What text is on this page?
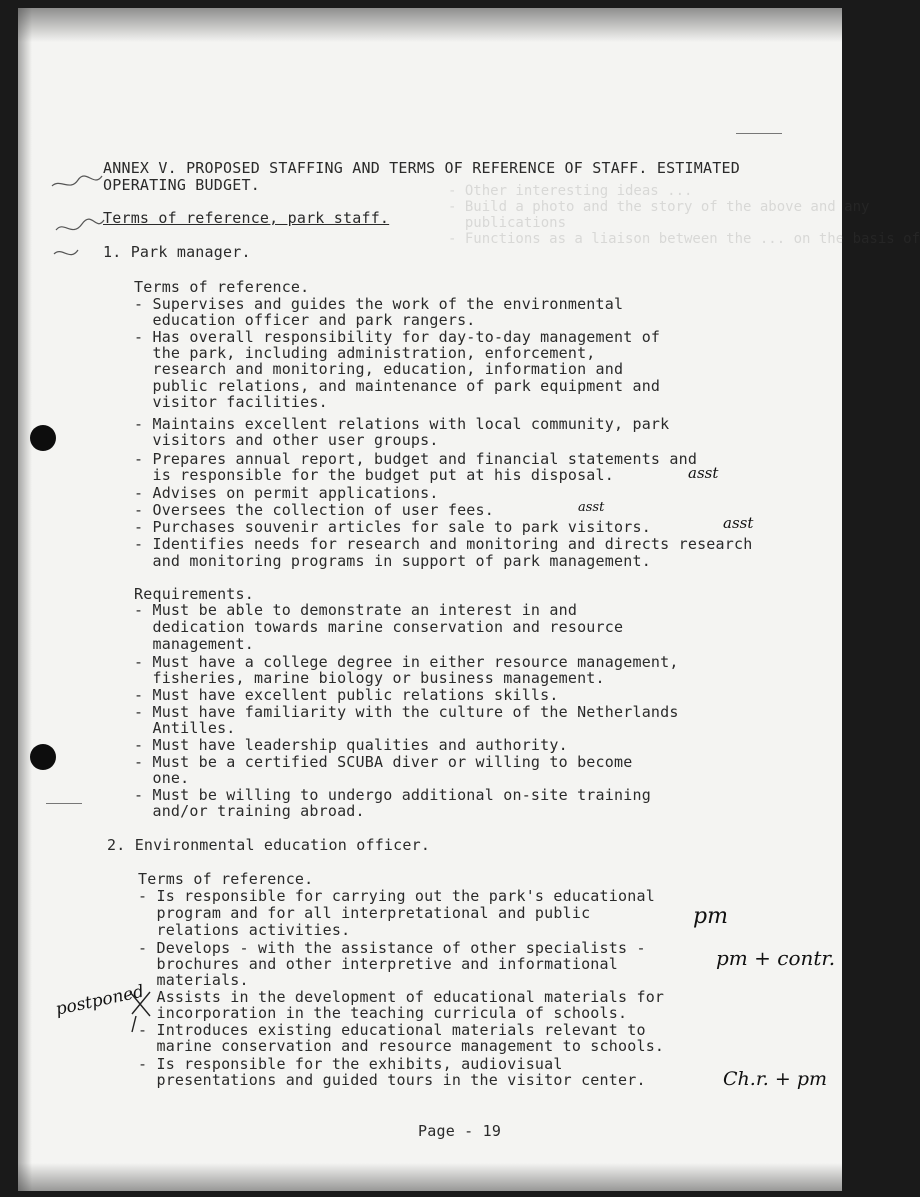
- Other interesting ideas ...
- Build a photo and the story of the above and any
publications
- Functions as a liaison between the ... on the basis of
ANNEX V. PROPOSED STAFFING AND TERMS OF REFERENCE OF STAFF. ESTIMATED
OPERATING BUDGET.
Terms of reference, park staff.
1. Park manager.
Terms of reference.
- Supervises and guides the work of the environmental
education officer and park rangers.
- Has overall responsibility for day-to-day management of
the park, including administration, enforcement,
research and monitoring, education, information and
public relations, and maintenance of park equipment and
visitor facilities.
- Maintains excellent relations with local community, park
visitors and other user groups.
- Prepares annual report, budget and financial statements and
is responsible for the budget put at his disposal.
- Advises on permit applications.
- Oversees the collection of user fees.
- Purchases souvenir articles for sale to park visitors.
- Identifies needs for research and monitoring and directs research
and monitoring programs in support of park management.
Requirements.
- Must be able to demonstrate an interest in and
dedication towards marine conservation and resource
management.
- Must have a college degree in either resource management,
fisheries, marine biology or business management.
- Must have excellent public relations skills.
- Must have familiarity with the culture of the Netherlands
Antilles.
- Must have leadership qualities and authority.
- Must be a certified SCUBA diver or willing to become
one.
- Must be willing to undergo additional on-site training
and/or training abroad.
2. Environmental education officer.
Terms of reference.
- Is responsible for carrying out the park's educational
program and for all interpretational and public
relations activities.
- Develops - with the assistance of other specialists -
brochures and other interpretive and informational
materials.
Assists in the development of educational materials for
incorporation in the teaching curricula of schools.
- Introduces existing educational materials relevant to
marine conservation and resource management to schools.
- Is responsible for the exhibits, audiovisual
presentations and guided tours in the visitor center.
Page - 19
asst
asst
asst
pm
pm + contr.
postponed
Ch.r. + pm
